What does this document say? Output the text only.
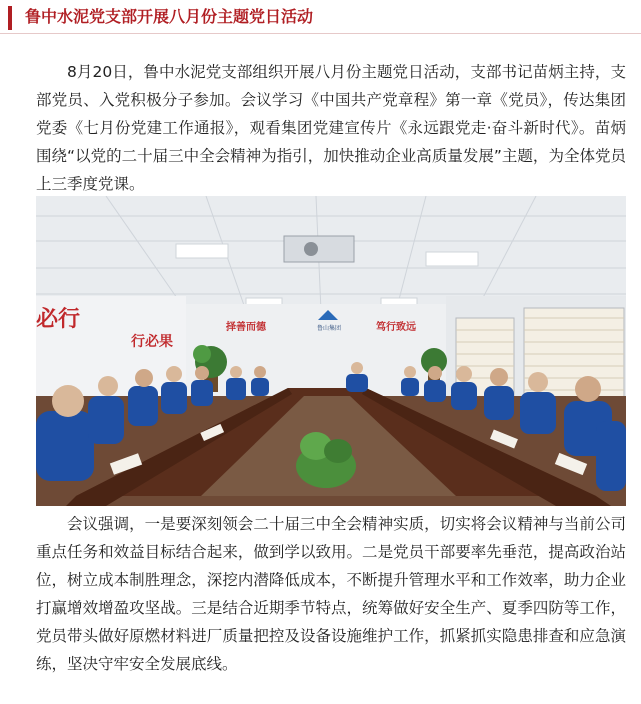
鲁中水泥党支部开展八月份主题党日活动

8月20日，鲁中水泥党支部组织开展八月份主题党日活动，支部书记苗炳主持，支部党员、入党积极分子参加。会议学习《中国共产党章程》第一章《党员》，传达集团党委《七月份党建工作通报》，观看集团党建宣传片《永远跟党走·奋斗新时代》。苗炳围绕“以党的二十届三中全会精神为指引，加快推动企业高质量发展”主题，为全体党员上三季度党课。

必行
行必果
择善而德	鲁山集团	笃行致远

会议强调，一是要深刻领会二十届三中全会精神实质，切实将会议精神与当前公司重点任务和效益目标结合起来，做到学以致用。二是党员干部要率先垂范，提高政治站位，树立成本制胜理念，深挖内潜降低成本，不断提升管理水平和工作效率，助力企业打赢增效增盈攻坚战。三是结合近期季节特点，统筹做好安全生产、夏季四防等工作，党员带头做好原燃材料进厂质量把控及设备设施维护工作，抓紧抓实隐患排查和应急演练，坚决守牢安全发展底线。
